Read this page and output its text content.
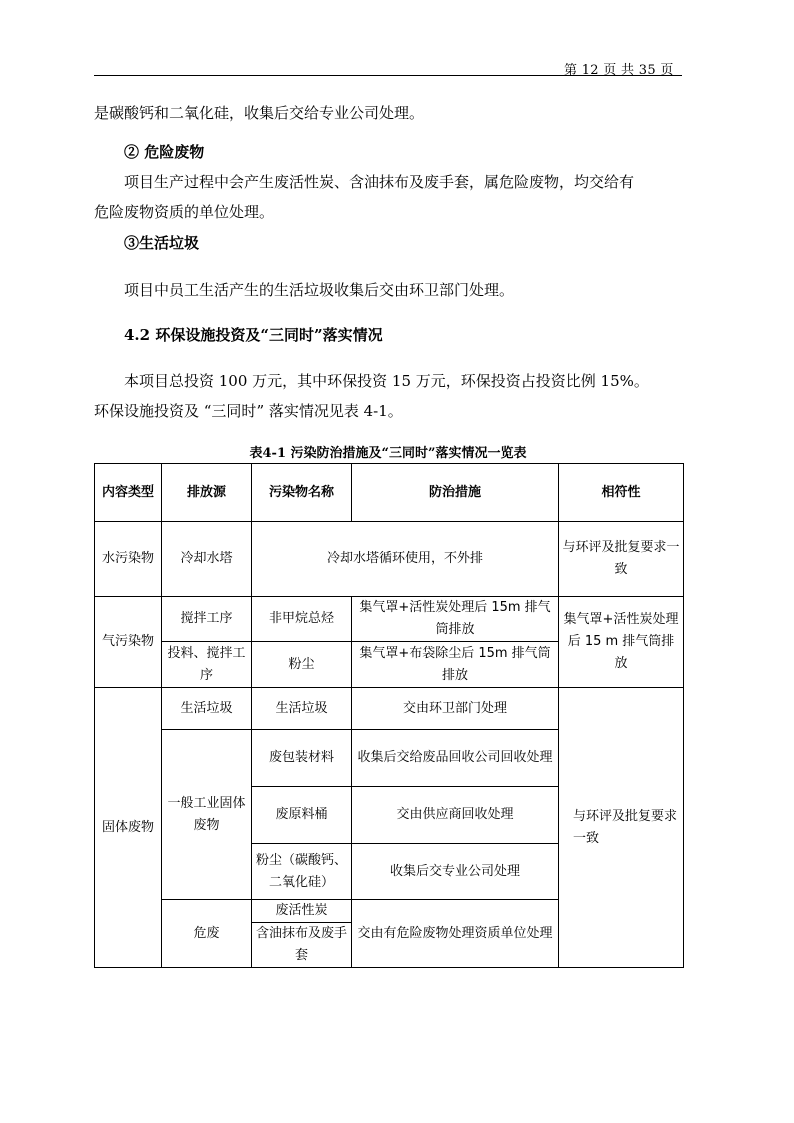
第 12 页 共 35 页
是碳酸钙和二氧化硅，收集后交给专业公司处理。
② 危险废物
项目生产过程中会产生废活性炭、含油抹布及废手套，属危险废物，均交给有
危险废物资质的单位处理。
③生活垃圾
项目中员工生活产生的生活垃圾收集后交由环卫部门处理。
4.2 环保设施投资及“三同时”落实情况
本项目总投资 100 万元，其中环保投资 15 万元，环保投资占投资比例 15%。
环保设施投资及 “三同时” 落实情况见表 4-1。
表4-1 污染防治措施及“三同时”落实情况一览表
内容类型	排放源	污染物名称	防治措施	相符性
水污染物	冷却水塔	冷却水塔循环使用，不外排		与环评及批复要求一致
气污染物	搅拌工序	非甲烷总烃	集气罩+活性炭处理后 15m 排气筒排放	集气罩+活性炭处理后 15 m 排气筒排放
	投料、搅拌工序	粉尘	集气罩+布袋除尘后 15m 排气筒排放	
固体废物	生活垃圾	生活垃圾	交由环卫部门处理	与环评及批复要求一致
	一般工业固体废物	废包装材料	收集后交给废品回收公司回收处理	
		废原料桶	交由供应商回收处理	
		粉尘（碳酸钙、二氧化硅）	收集后交专业公司处理	
	危废	废活性炭	交由有危险废物处理资质单位处理	
		含油抹布及废手套		
